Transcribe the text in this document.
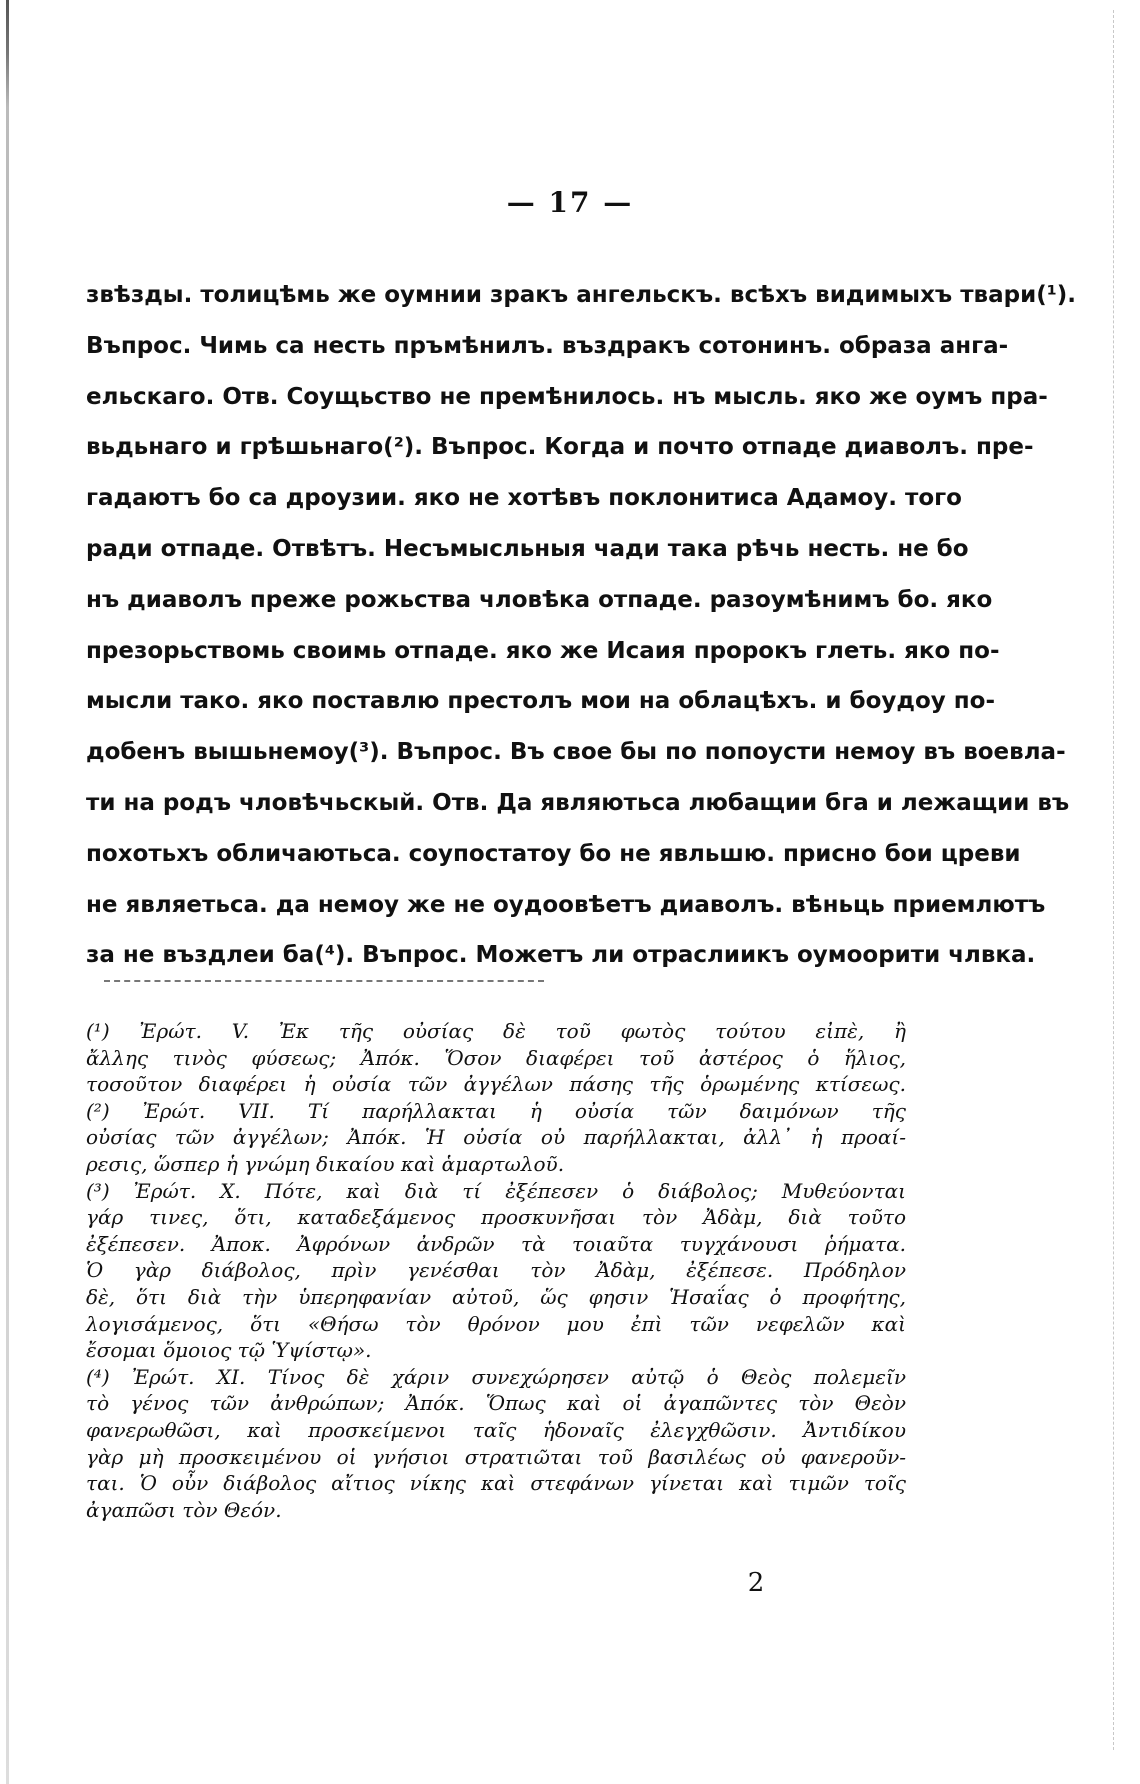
— 17 —
звѣзды. толицѣмь же оумнии зракъ ангельскъ. всѣхъ видимыхъ твари(¹).
Въпрос. Чимь са несть пръмѣнилъ. въздракъ сотонинъ. образа анга-
ельскаго. Отв. Соущьство не премѣнилось. нъ мысль. яко же оумъ пра-
вьдьнаго и грѣшьнаго(²). Въпрос. Когда и почто отпаде диаволъ. пре-
гадаютъ бо са дроузии. яко не хотѣвъ поклонитиса Адамоу. того
ради отпаде. Отвѣтъ. Несъмысльныя чади така рѣчь несть. не бо
нъ диаволъ преже рожьства чловѣка отпаде. разоумѣнимъ бо. яко
презорьствомь своимь отпаде. яко же Исаия пророкъ глеть. яко по-
мысли тако. яко поставлю престолъ мои на облацѣхъ. и боудоу по-
добенъ вышьнемоу(³). Въпрос. Въ свое бы по попоусти немоу въ воевла-
ти на родъ чловѣчьскый. Отв. Да являютьса любащии бга и лежащии въ
похотьхъ обличаютьса. соупостатоу бо не явльшю. присно бои цреви
не являетьса. да немоу же не оудоовѣетъ диаволъ. вѣньць приемлютъ
за не въздлеи ба(⁴). Въпрос. Можетъ ли отраслиикъ оумоорити члвка.
(¹) Ἐρώτ. V. Ἐκ τῆς οὐσίας δὲ τοῦ φωτὸς τούτου εἰπὲ, ἢ
ἄλλης τινὸς φύσεως; Ἀπόκ. Ὅσον διαφέρει τοῦ ἀστέρος ὁ ἥλιος,
τοσοῦτον διαφέρει ἡ οὐσία τῶν ἀγγέλων πάσης τῆς ὁρωμένης κτίσεως.
(²) Ἐρώτ. VII. Τί παρήλλακται ἡ οὐσία τῶν δαιμόνων τῆς
οὐσίας τῶν ἀγγέλων; Ἀπόκ. Ἡ οὐσία οὐ παρήλλακται, ἀλλ᾽ ἡ προαί-
ρεσις, ὥσπερ ἡ γνώμη δικαίου καὶ ἁμαρτωλοῦ.
(³) Ἐρώτ. X. Πότε, καὶ διὰ τί ἐξέπεσεν ὁ διάβολος; Μυθεύονται
γάρ τινες, ὅτι, καταδεξάμενος προσκυνῆσαι τὸν Ἀδὰμ, διὰ τοῦτο
ἐξέπεσεν. Ἀποκ. Ἀφρόνων ἀνδρῶν τὰ τοιαῦτα τυγχάνουσι ῥήματα.
Ὁ γὰρ διάβολος, πρὶν γενέσθαι τὸν Ἀδὰμ, ἐξέπεσε. Πρόδηλον
δὲ, ὅτι διὰ τὴν ὑπερηφανίαν αὐτοῦ, ὥς φησιν Ἡσαΐας ὁ προφήτης,
λογισάμενος, ὅτι «Θήσω τὸν θρόνον μου ἐπὶ τῶν νεφελῶν καὶ
ἔσομαι ὅμοιος τῷ Ὑψίστῳ».
(⁴) Ἐρώτ. XI. Τίνος δὲ χάριν συνεχώρησεν αὐτῷ ὁ Θεὸς πολεμεῖν
τὸ γένος τῶν ἀνθρώπων; Ἀπόκ. Ὅπως καὶ οἱ ἀγαπῶντες τὸν Θεὸν
φανερωθῶσι, καὶ προσκείμενοι ταῖς ἡδοναῖς ἐλεγχθῶσιν. Ἀντιδίκου
γὰρ μὴ προσκειμένου οἱ γνήσιοι στρατιῶται τοῦ βασιλέως οὐ φανεροῦν-
ται. Ὁ οὖν διάβολος αἴτιος νίκης καὶ στεφάνων γίνεται καὶ τιμῶν τοῖς
ἀγαπῶσι τὸν Θεόν.
2
